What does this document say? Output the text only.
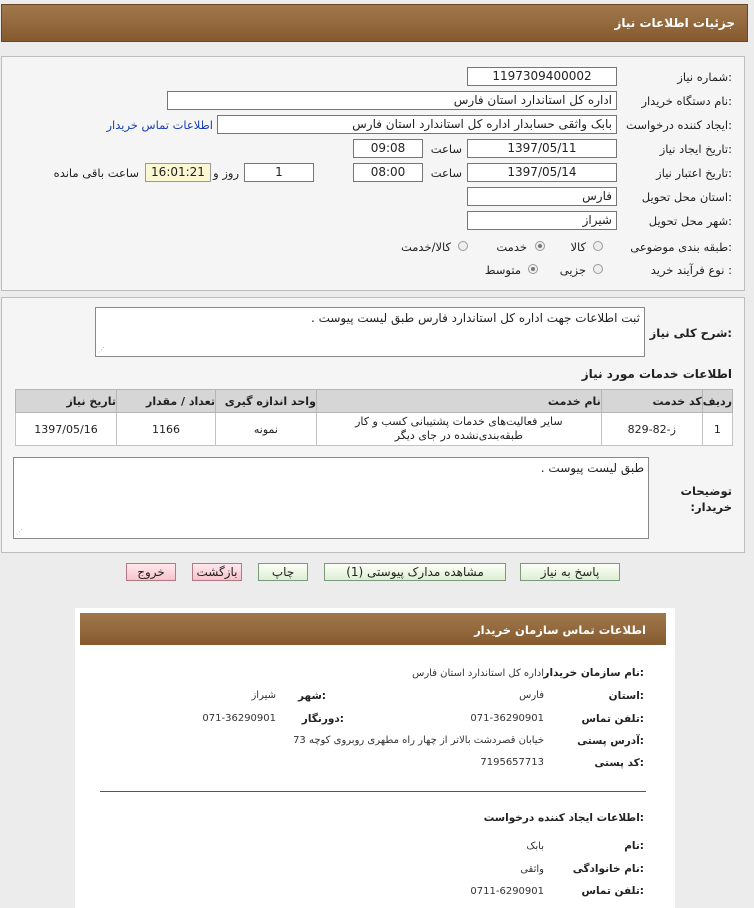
جزئیات اطلاعات نیاز
شماره نیاز:
1197309400002
نام دستگاه خریدار:
اداره کل استاندارد استان فارس
ایجاد کننده درخواست:
بابک واثقی حسابدار اداره کل استاندارد استان فارس
اطلاعات تماس خریدار
تاریخ ایجاد نیاز:
1397/05/11
ساعت
09:08
تاریخ اعتبار نیاز:
1397/05/14
ساعت
08:00
1
روز و
16:01:21
ساعت باقی مانده
استان محل تحویل:
فارس
شهر محل تحویل:
شیراز
طبقه بندی موضوعی:
کالا
خدمت
کالا/خدمت
نوع فرآیند خرید :
جزیی
متوسط
شرح کلی نیاز:
ثبت اطلاعات جهت اداره کل استاندارد فارس طبق لیست پیوست .
⋰
اطلاعات خدمات مورد نیاز
ردیف	کد خدمت	نام خدمت	واحد اندازه گیری	تعداد / مقدار	تاریخ نیاز
1	ز-82-829	سایر فعالیت‌های خدمات پشتیبانی کسب و کار طبقه‌بندی‌نشده در جای دیگر	نمونه	1166	1397/05/16
توضیحات خریدار:
طبق لیست پیوست .
⋰
پاسخ به نیاز
مشاهده مدارک پیوستی (1)
چاپ
بازگشت
خروج
اطلاعات تماس سازمان خریدار
نام سازمان خریدار:
اداره کل استاندارد استان فارس
استان:
فارس
شهر:
شیراز
تلفن تماس:
071-36290901
دورنگار:
071-36290901
آدرس پستی:
خیابان قصردشت بالاتر از چهار راه مطهری روبروی کوچه 73
کد پستی:
7195657713
اطلاعات ایجاد کننده درخواست:
نام:
بابک
نام خانوادگی:
واثقی
تلفن تماس:
0711-6290901
